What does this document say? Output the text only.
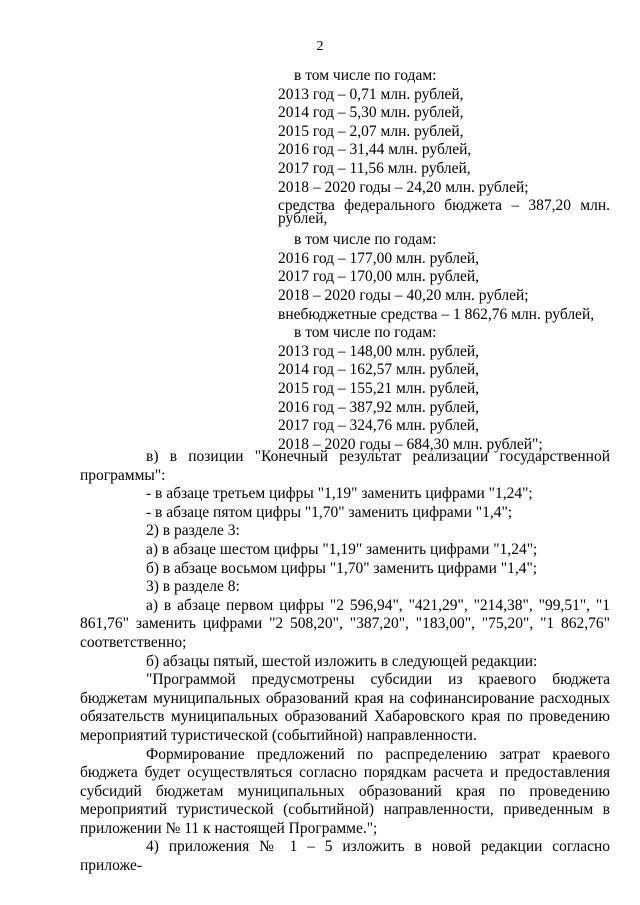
2
в том числе по годам:
2013 год – 0,71 млн. рублей,
2014 год – 5,30 млн. рублей,
2015 год – 2,07 млн. рублей,
2016 год – 31,44 млн. рублей,
2017 год – 11,56 млн. рублей,
2018 – 2020 годы – 24,20 млн. рублей;
средства федерального бюджета – 387,20 млн. рублей,
в том числе по годам:
2016 год – 177,00 млн. рублей,
2017 год – 170,00 млн. рублей,
2018 – 2020 годы – 40,20 млн. рублей;
внебюджетные средства – 1 862,76 млн. рублей,
в том числе по годам:
2013 год – 148,00 млн. рублей,
2014 год – 162,57 млн. рублей,
2015 год – 155,21 млн. рублей,
2016 год – 387,92 млн. рублей,
2017 год – 324,76 млн. рублей,
2018 – 2020 годы – 684,30 млн. рублей";

в) в позиции "Конечный результат реализации государственной программы":

- в абзаце третьем цифры "1,19" заменить цифрами "1,24";

- в абзаце пятом цифры "1,70" заменить цифрами "1,4";

2) в разделе 3:

а) в абзаце шестом цифры "1,19" заменить цифрами "1,24";

б) в абзаце восьмом цифры "1,70" заменить цифрами "1,4";

3) в разделе 8:

а) в абзаце первом цифры "2 596,94", "421,29", "214,38", "99,51", "1 861,76" заменить цифрами "2 508,20", "387,20", "183,00", "75,20", "1 862,76" соответственно;

б) абзацы пятый, шестой изложить в следующей редакции:

"Программой предусмотрены субсидии из краевого бюджета бюджетам муниципальных образований края на софинансирование расходных обязательств муниципальных образований Хабаровского края по проведению мероприятий туристической (событийной) направленности.

Формирование предложений по распределению затрат краевого бюджета будет осуществляться согласно порядкам расчета и предоставления субсидий бюджетам муниципальных образований края по проведению мероприятий туристической (событийной) направленности, приведенным в приложении № 11 к настоящей Программе.";

4) приложения № 1 – 5 изложить в новой редакции согласно приложе-
